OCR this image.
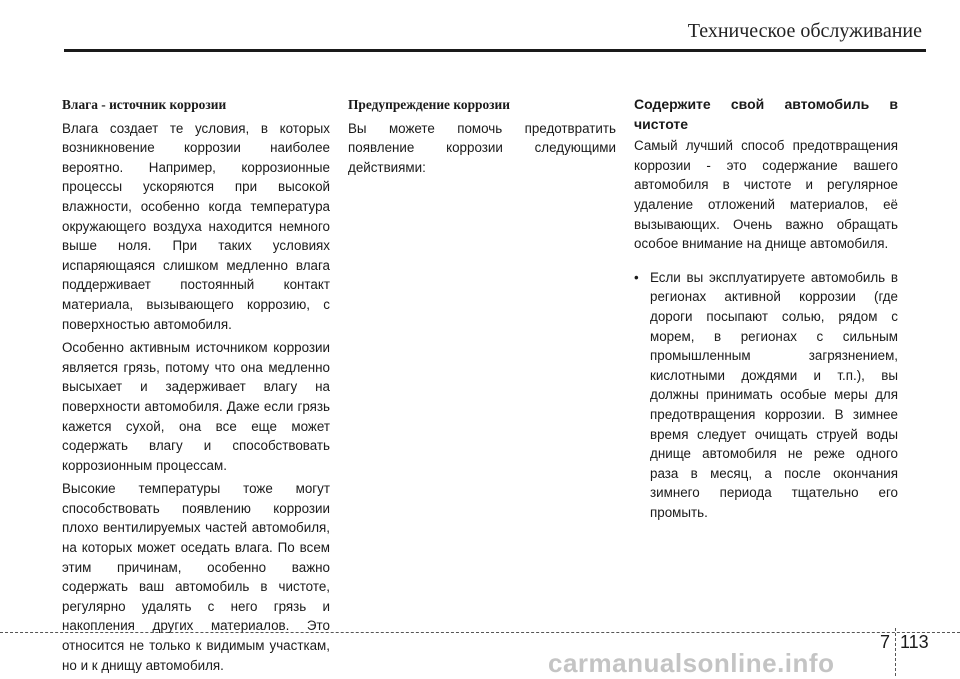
Техническое обслуживание
Влага - источник коррозии

Влага создает те условия, в которых возникновение коррозии наиболее вероятно. Например, коррозионные процессы ускоряются при высокой влажности, особенно когда температура окружающего воздуха находится немного выше ноля. При таких условиях испаряющаяся слишком медленно влага поддерживает постоянный контакт материала, вызывающего коррозию, с поверхностью автомобиля.

Особенно активным источником коррозии является грязь, потому что она медленно высыхает и задерживает влагу на поверхности автомобиля. Даже если грязь кажется сухой, она все еще может содержать влагу и способствовать коррозионным процессам.

Высокие температуры тоже могут способствовать появлению коррозии плохо вентилируемых частей автомобиля, на которых может оседать влага. По всем этим причинам, особенно важно содержать ваш автомобиль в чистоте, регулярно удалять с него грязь и накопления других материалов. Это относится не только к видимым участкам, но и к днищу автомобиля.

Предупреждение коррозии

Вы можете помочь предотвратить появление коррозии следующими действиями:

Содержите свой автомобиль в чистоте

Самый лучший способ предотвращения коррозии - это содержание вашего автомобиля в чистоте и регулярное удаление отложений материалов, её вызывающих. Очень важно обращать особое внимание на днище автомобиля.

• Если вы эксплуатируете автомобиль в регионах активной коррозии (где дороги посыпают солью, рядом с морем, в регионах с сильным промышленным загрязнением, кислотными дождями и т.п.), вы должны принимать особые меры для предотвращения коррозии. В зимнее время следует очищать струей воды днище автомобиля не реже одного раза в месяц, а после окончания зимнего периода тщательно его промыть.
7 113
carmanualsonline.info
